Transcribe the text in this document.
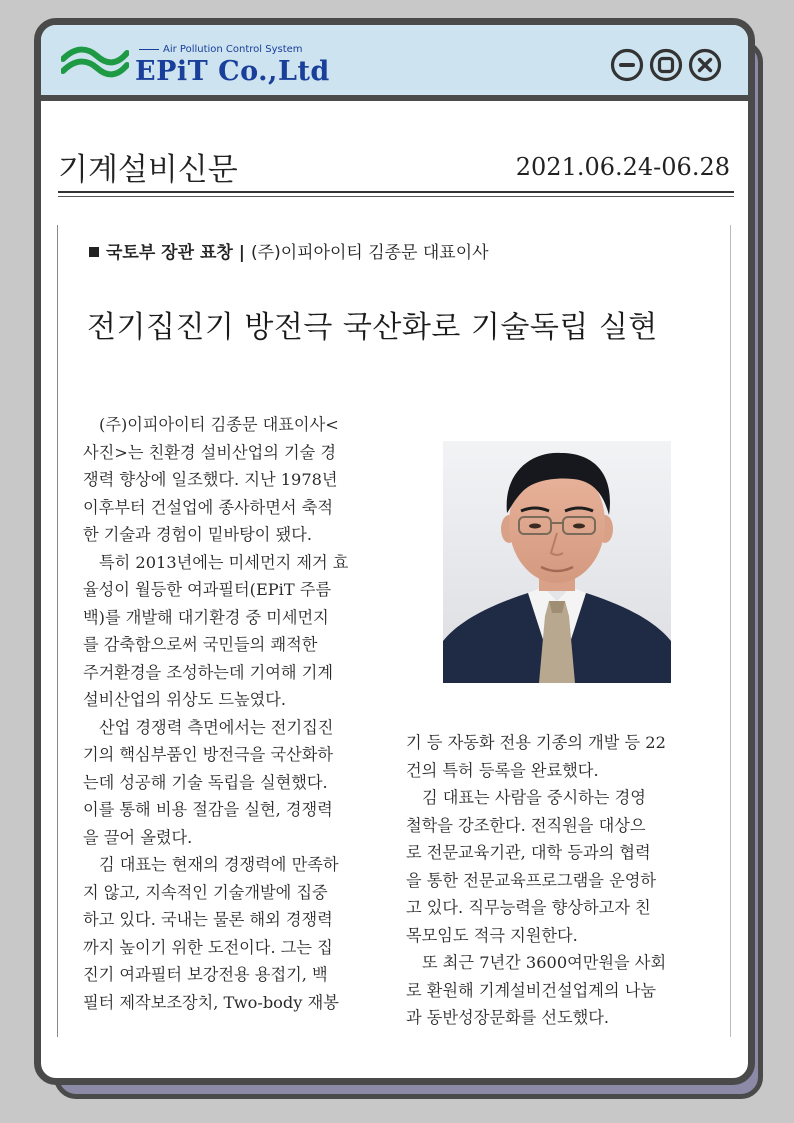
Air Pollution Control System
EPiT Co.,Ltd
기계설비신문	2021.06.24-06.28
국토부 장관 표창 | (주)이피아이티 김종문 대표이사
전기집진기 방전극 국산화로 기술독립 실현
(주)이피아이티 김종문 대표이사<
사진>는 친환경 설비산업의 기술 경
쟁력 향상에 일조했다. 지난 1978년
이후부터 건설업에 종사하면서 축적
한 기술과 경험이 밑바탕이 됐다.
특히 2013년에는 미세먼지 제거 효
율성이 월등한 여과필터(EPiT 주름
백)를 개발해 대기환경 중 미세먼지
를 감축함으로써 국민들의 쾌적한
주거환경을 조성하는데 기여해 기계
설비산업의 위상도 드높였다.
산업 경쟁력 측면에서는 전기집진
기의 핵심부품인 방전극을 국산화하
는데 성공해 기술 독립을 실현했다.
이를 통해 비용 절감을 실현, 경쟁력
을 끌어 올렸다.
김 대표는 현재의 경쟁력에 만족하
지 않고, 지속적인 기술개발에 집중
하고 있다. 국내는 물론 해외 경쟁력
까지 높이기 위한 도전이다. 그는 집
진기 여과필터 보강전용 용접기, 백
필터 제작보조장치, Two-body 재봉
기 등 자동화 전용 기종의 개발 등 22
건의 특허 등록을 완료했다.
김 대표는 사람을 중시하는 경영
철학을 강조한다. 전직원을 대상으
로 전문교육기관, 대학 등과의 협력
을 통한 전문교육프로그램을 운영하
고 있다. 직무능력을 향상하고자 친
목모임도 적극 지원한다.
또 최근 7년간 3600여만원을 사회
로 환원해 기계설비건설업계의 나눔
과 동반성장문화를 선도했다.
